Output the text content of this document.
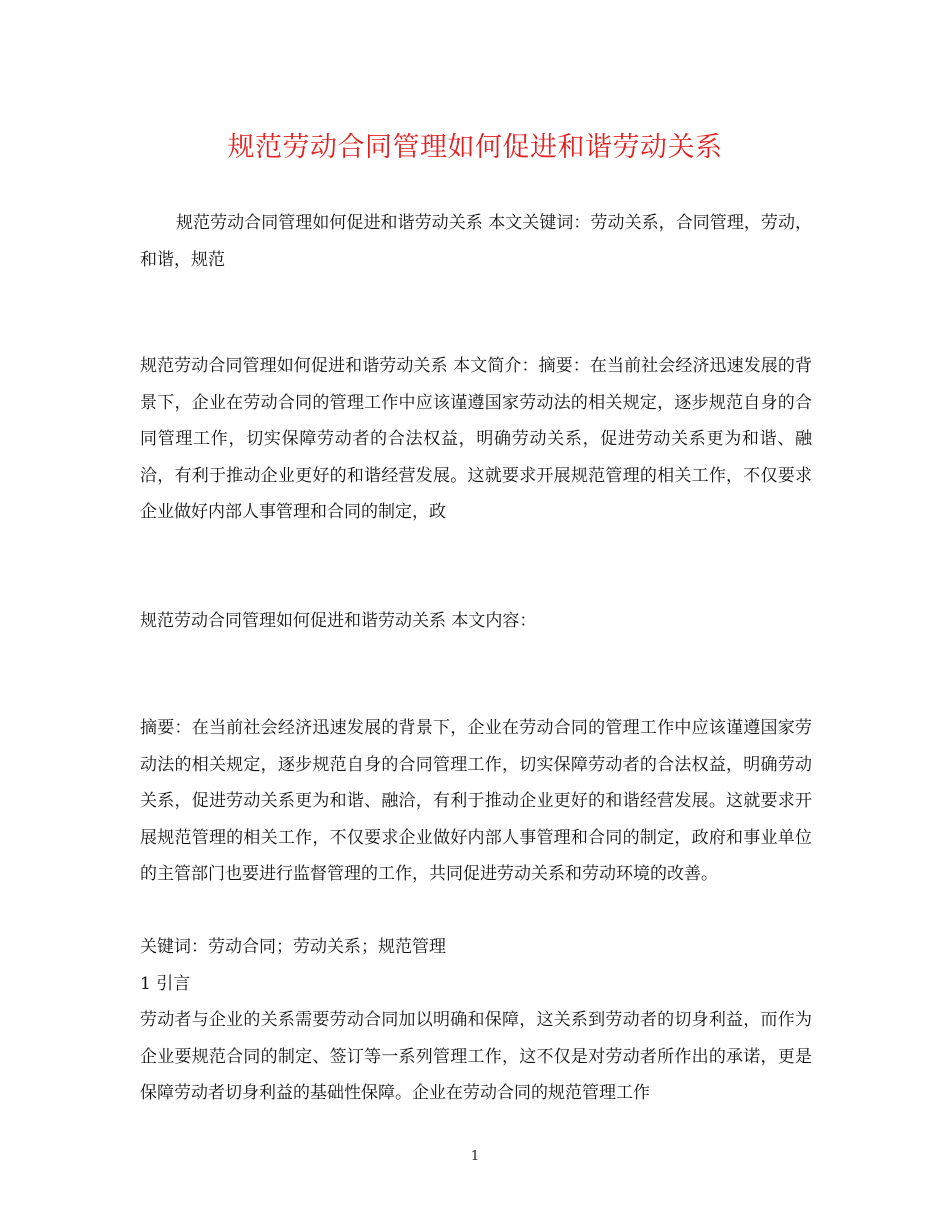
规范劳动合同管理如何促进和谐劳动关系

规范劳动合同管理如何促进和谐劳动关系 本文关键词：劳动关系，合同管理，劳动，和谐，规范

规范劳动合同管理如何促进和谐劳动关系 本文简介：摘要：在当前社会经济迅速发展的背景下，企业在劳动合同的管理工作中应该谨遵国家劳动法的相关规定，逐步规范自身的合同管理工作，切实保障劳动者的合法权益，明确劳动关系，促进劳动关系更为和谐、融洽，有利于推动企业更好的和谐经营发展。这就要求开展规范管理的相关工作，不仅要求企业做好内部人事管理和合同的制定，政

规范劳动合同管理如何促进和谐劳动关系 本文内容：

摘要：在当前社会经济迅速发展的背景下，企业在劳动合同的管理工作中应该谨遵国家劳动法的相关规定，逐步规范自身的合同管理工作，切实保障劳动者的合法权益，明确劳动关系，促进劳动关系更为和谐、融洽，有利于推动企业更好的和谐经营发展。这就要求开展规范管理的相关工作，不仅要求企业做好内部人事管理和合同的制定，政府和事业单位的主管部门也要进行监督管理的工作，共同促进劳动关系和劳动环境的改善。

关键词：劳动合同；劳动关系；规范管理

1 引言

劳动者与企业的关系需要劳动合同加以明确和保障，这关系到劳动者的切身利益，而作为企业要规范合同的制定、签订等一系列管理工作，这不仅是对劳动者所作出的承诺，更是保障劳动者切身利益的基础性保障。企业在劳动合同的规范管理工作

1
